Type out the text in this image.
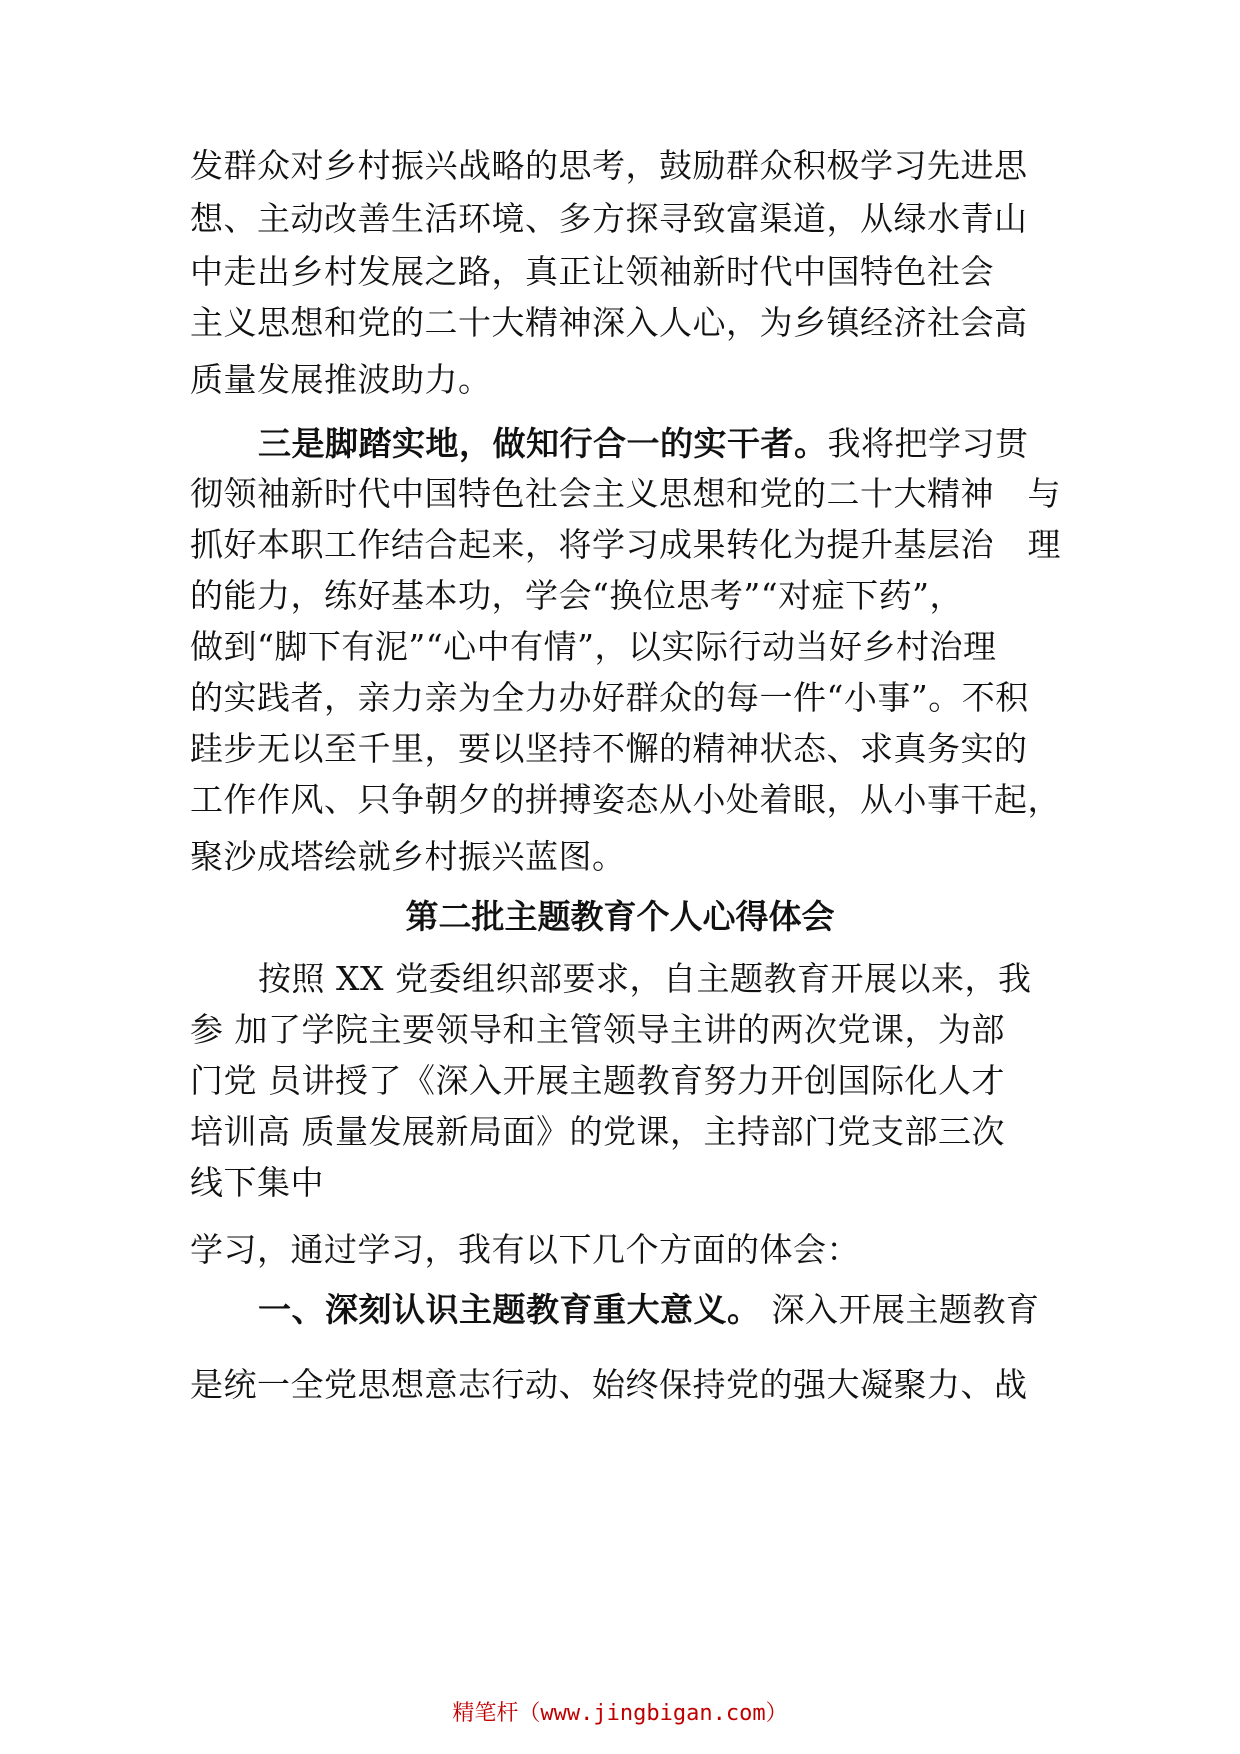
发群众对乡村振兴战略的思考，鼓励群众积极学习先进思
想、主动改善生活环境、多方探寻致富渠道，从绿水青山
中走出乡村发展之路，真正让领袖新时代中国特色社会
主义思想和党的二十大精神深入人心，为乡镇经济社会高
质量发展推波助力。
三是脚踏实地，做知行合一的实干者。我将把学习贯
彻领袖新时代中国特色社会主义思想和党的二十大精神　与
抓好本职工作结合起来，将学习成果转化为提升基层治　理
的能力，练好基本功，学会“换位思考”“对症下药”，
做到“脚下有泥”“心中有情”，以实际行动当好乡村治理
的实践者，亲力亲为全力办好群众的每一件“小事”。不积
跬步无以至千里，要以坚持不懈的精神状态、求真务实的
工作作风、只争朝夕的拼搏姿态从小处着眼，从小事干起，
聚沙成塔绘就乡村振兴蓝图。
第二批主题教育个人心得体会
按照 XX 党委组织部要求，自主题教育开展以来，我
参 加了学院主要领导和主管领导主讲的两次党课，为部
门党 员讲授了《深入开展主题教育努力开创国际化人才
培训高 质量发展新局面》的党课，主持部门党支部三次
线下集中
学习，通过学习，我有以下几个方面的体会：
一、深刻认识主题教育重大意义。 深入开展主题教育
是统一全党思想意志行动、始终保持党的强大凝聚力、战
精笔杆（www.jingbigan.com）
